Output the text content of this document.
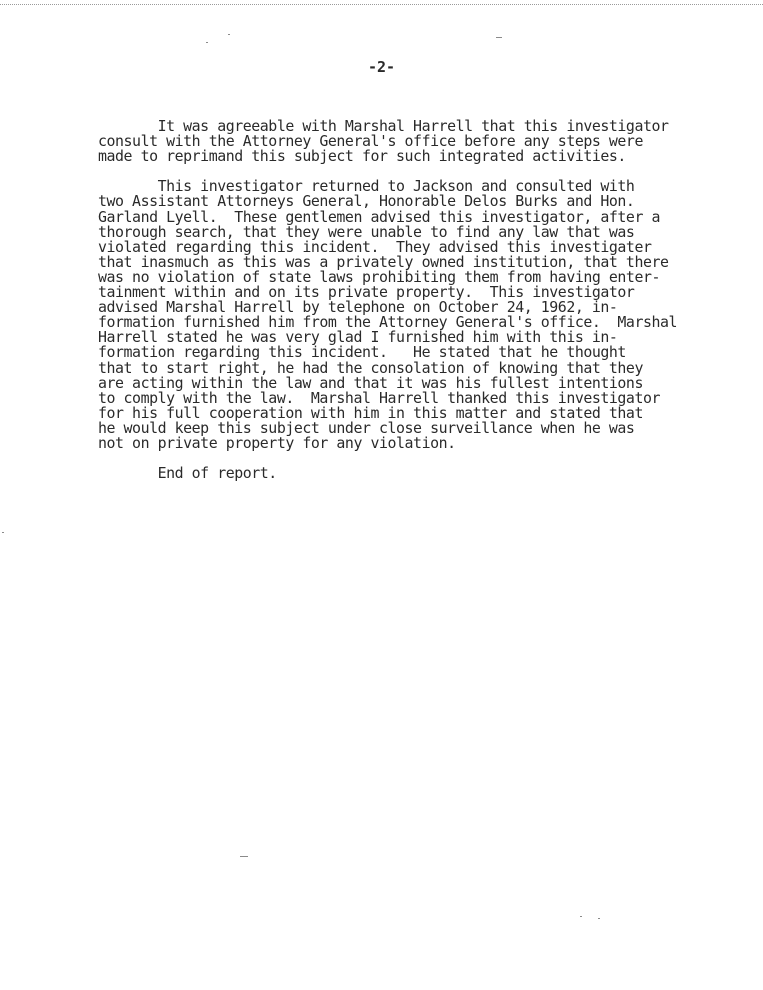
-2-
It was agreeable with Marshal Harrell that this investigator
consult with the Attorney General's office before any steps were
made to reprimand this subject for such integrated activities.
This investigator returned to Jackson and consulted with
two Assistant Attorneys General, Honorable Delos Burks and Hon.
Garland Lyell.  These gentlemen advised this investigator, after a
thorough search, that they were unable to find any law that was
violated regarding this incident.  They advised this investigater
that inasmuch as this was a privately owned institution, that there
was no violation of state laws prohibiting them from having enter-
tainment within and on its private property.  This investigator
advised Marshal Harrell by telephone on October 24, 1962, in-
formation furnished him from the Attorney General's office.  Marshal
Harrell stated he was very glad I furnished him with this in-
formation regarding this incident.   He stated that he thought
that to start right, he had the consolation of knowing that they
are acting within the law and that it was his fullest intentions
to comply with the law.  Marshal Harrell thanked this investigator
for his full cooperation with him in this matter and stated that
he would keep this subject under close surveillance when he was
not on private property for any violation.
End of report.
